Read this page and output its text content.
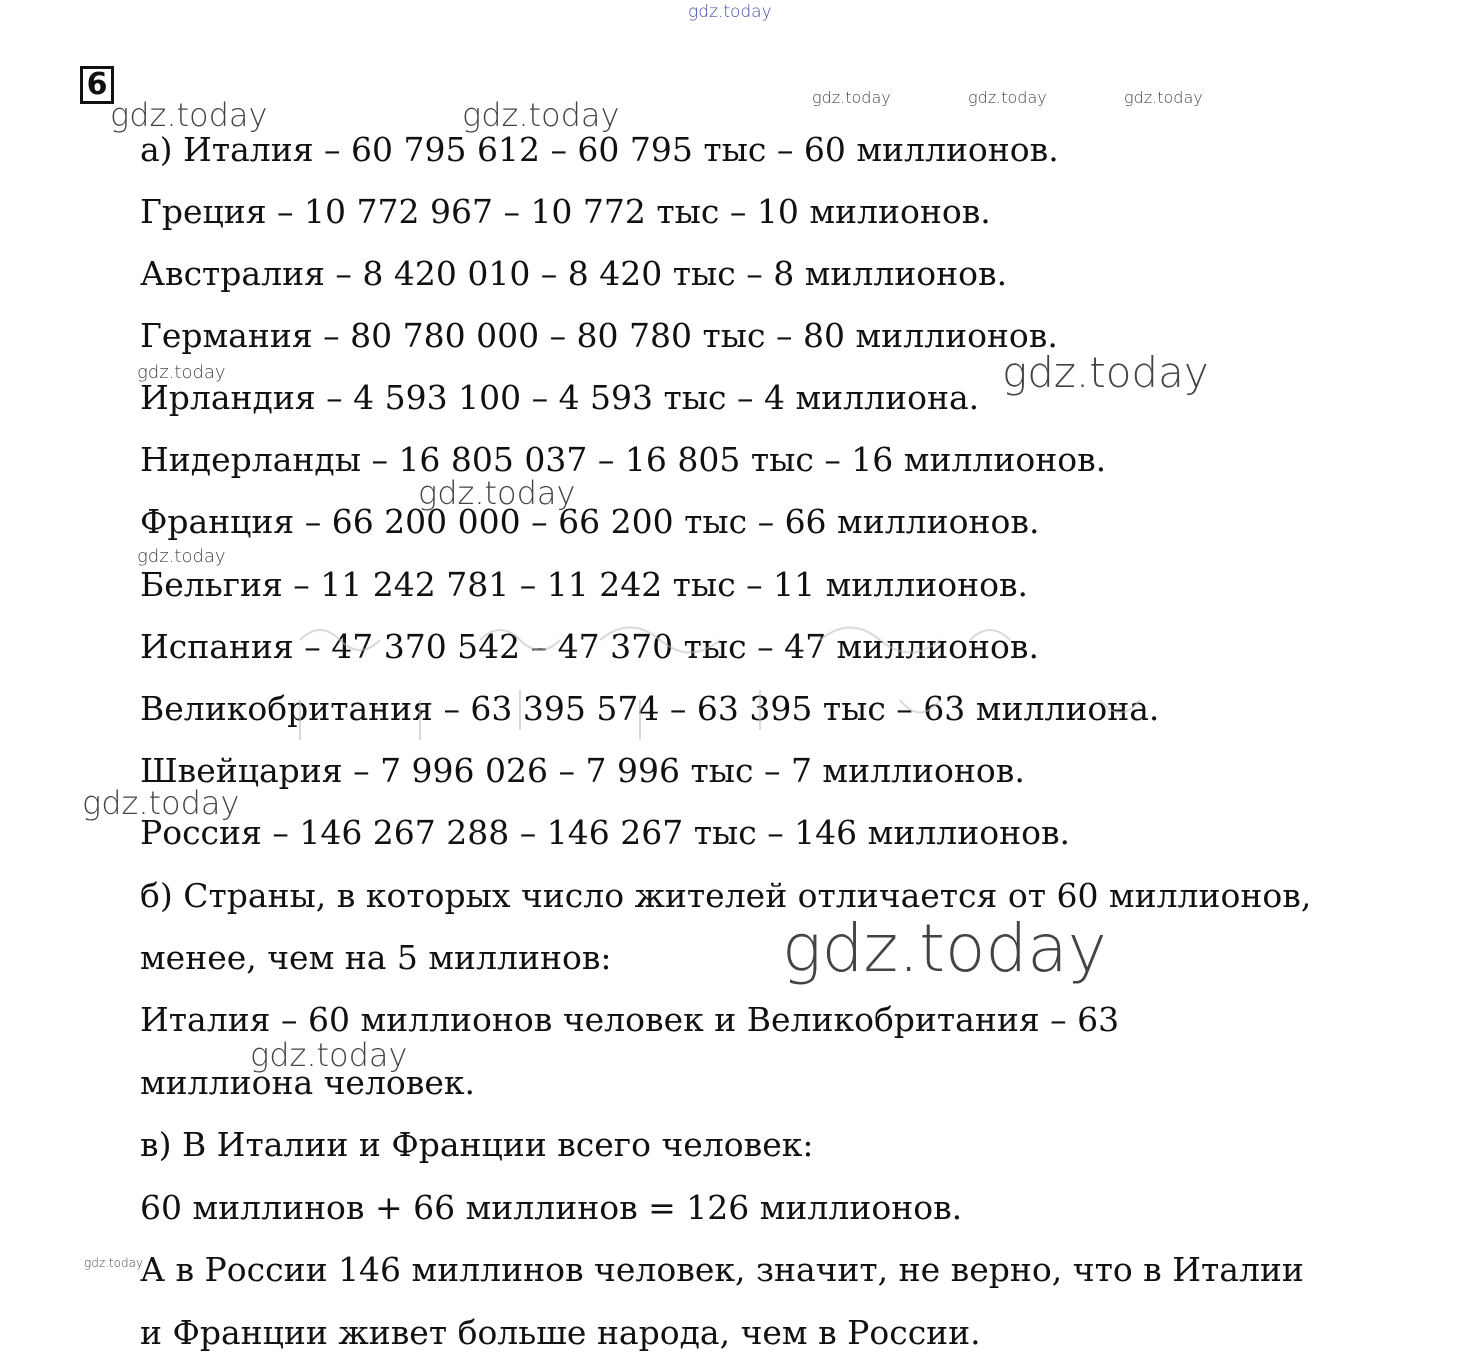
6
а) Италия – 60 795 612 – 60 795 тыс – 60 миллионов.
Греция – 10 772 967 – 10 772 тыс – 10 милионов.
Австралия – 8 420 010 – 8 420 тыс – 8 миллионов.
Германия – 80 780 000 – 80 780 тыс – 80 миллионов.
Ирландия – 4 593 100 – 4 593 тыс – 4 миллиона.
Нидерланды – 16 805 037 – 16 805 тыс – 16 миллионов.
Франция – 66 200 000 – 66 200 тыс – 66 миллионов.
Бельгия – 11 242 781 – 11 242 тыс – 11 миллионов.
Испания – 47 370 542 – 47 370 тыс – 47 миллионов.
Великобритания – 63 395 574 – 63 395 тыс – 63 миллиона.
Швейцария – 7 996 026 – 7 996 тыс – 7 миллионов.
Россия – 146 267 288 – 146 267 тыс – 146 миллионов.
б) Страны, в которых число жителей отличается от 60 миллионов,
менее, чем на 5 миллинов:
Италия – 60 миллионов человек и Великобритания – 63
миллиона человек.
в) В Италии и Франции всего человек:
60 миллинов + 66 миллинов = 126 миллионов.
А в России 146 миллинов человек, значит, не верно, что в Италии
и Франции живет больше народа, чем в России.
gdz.today
gdz.today	gdz.today	gdz.today	gdz.today	gdz.today
gdz.today	gdz.today
gdz.today
gdz.today
gdz.today
gdz.today
gdz.today
gdz.today
